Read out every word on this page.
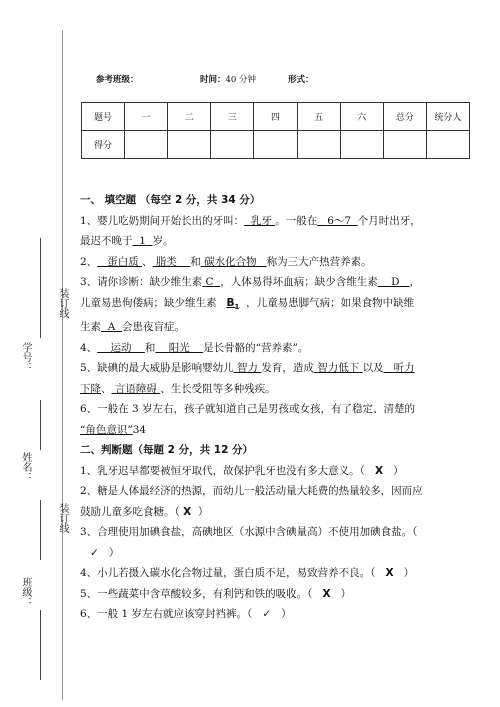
装订线
装订线
学号：
姓名：
班级：
参考班级：	时间：40 分钟	形式：
题号	一	二	三	四	五	六	总分	统分人
得分								

一、 填空题 （每空 2 分，共 34 分）

1、婴儿吃奶期间开始长出的牙叫： 乳牙 。一般在 6～7 个月时出牙，

最迟不晚于 1 岁。

2、 蛋白质 、 脂类 和 碳水化合物 称为三大产热营养素。

3、请你诊断：缺少维生素 C ，人体易得坏血病；缺少含维生素 D ，

儿童易患佝偻病；缺少维生素 $B_1$ ，儿童易患脚气病；如果食物中缺维

生素 A 会患夜盲症。

4、 运动 和 阳光 是长骨骼的“营养素”。

5、缺碘的最大威胁是影响婴幼儿 智力 发育，造成 智力低下 以及 听力

下降、 言语障碍 、生长受阻等多种残疾。

6、一般在 3 岁左右，孩子就知道自己是男孩或女孩，有了稳定、清楚的

“角色意识”34

二、判断题（每题 2 分，共 12 分）

1、乳牙迟早都要被恒牙取代，故保护乳牙也没有多大意义。（ X ）

2、糖是人体最经济的热源，而幼儿一般活动量大耗费的热量较多，因而应

鼓励儿童多吃食糖。（ X ）

3、合理使用加碘食盐，高碘地区（水源中含碘量高）不使用加碘食盐。（

✓ ）

4、小儿若摄入碳水化合物过量，蛋白质不足，易致营养不良。（ X ）

5、一些蔬菜中含草酸较多，有利钙和铁的吸收。（ X ）

6、一般 1 岁左右就应该穿封裆裤。（ ✓ ）
